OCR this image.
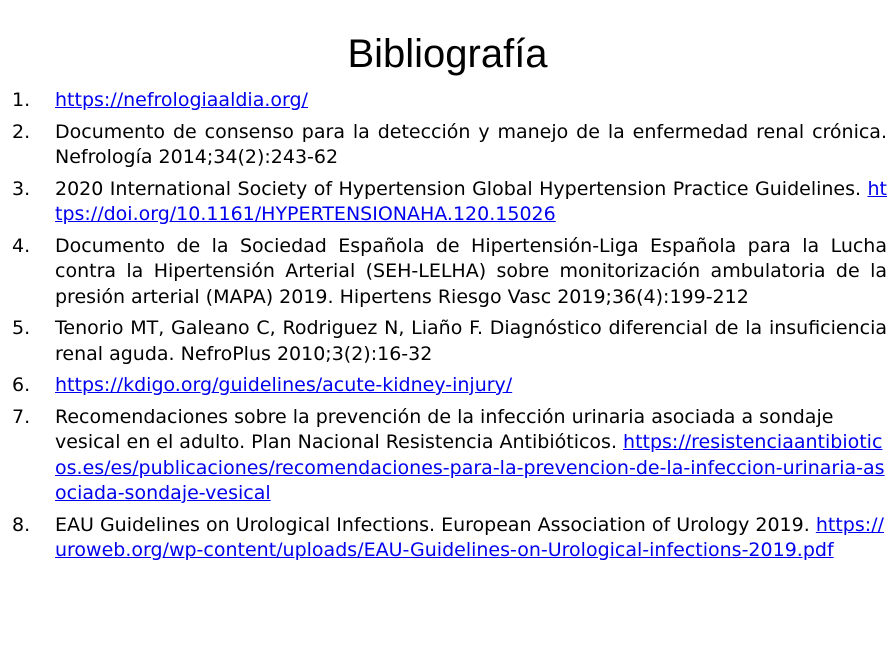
Bibliografía
1.	https://nefrologiaaldia.org/
2.	Documento de consenso para la detección y manejo de la enfermedad renal crónica. Nefrología 2014;34(2):243-62
3.	2020 International Society of Hypertension Global Hypertension Practice Guidelines. https://doi.org/10.1161/HYPERTENSIONAHA.120.15026
4.	Documento de la Sociedad Española de Hipertensión-Liga Española para la Lucha contra la Hipertensión Arterial (SEH-LELHA) sobre monitorización ambulatoria de la presión arterial (MAPA) 2019. Hipertens Riesgo Vasc 2019;36(4):199-212
5.	Tenorio MT, Galeano C, Rodriguez N, Liaño F. Diagnóstico diferencial de la insuficiencia renal aguda. NefroPlus 2010;3(2):16-32
6.	https://kdigo.org/guidelines/acute-kidney-injury/
7.	Recomendaciones sobre la prevención de la infección urinaria asociada a sondaje vesical en el adulto. Plan Nacional Resistencia Antibióticos. https://resistenciaantibioticos.es/es/publicaciones/recomendaciones-para-la-prevencion-de-la-infeccion-urinaria-asociada-sondaje-vesical
8.	EAU Guidelines on Urological Infections. European Association of Urology 2019. https://uroweb.org/wp-content/uploads/EAU-Guidelines-on-Urological-infections-2019.pdf
